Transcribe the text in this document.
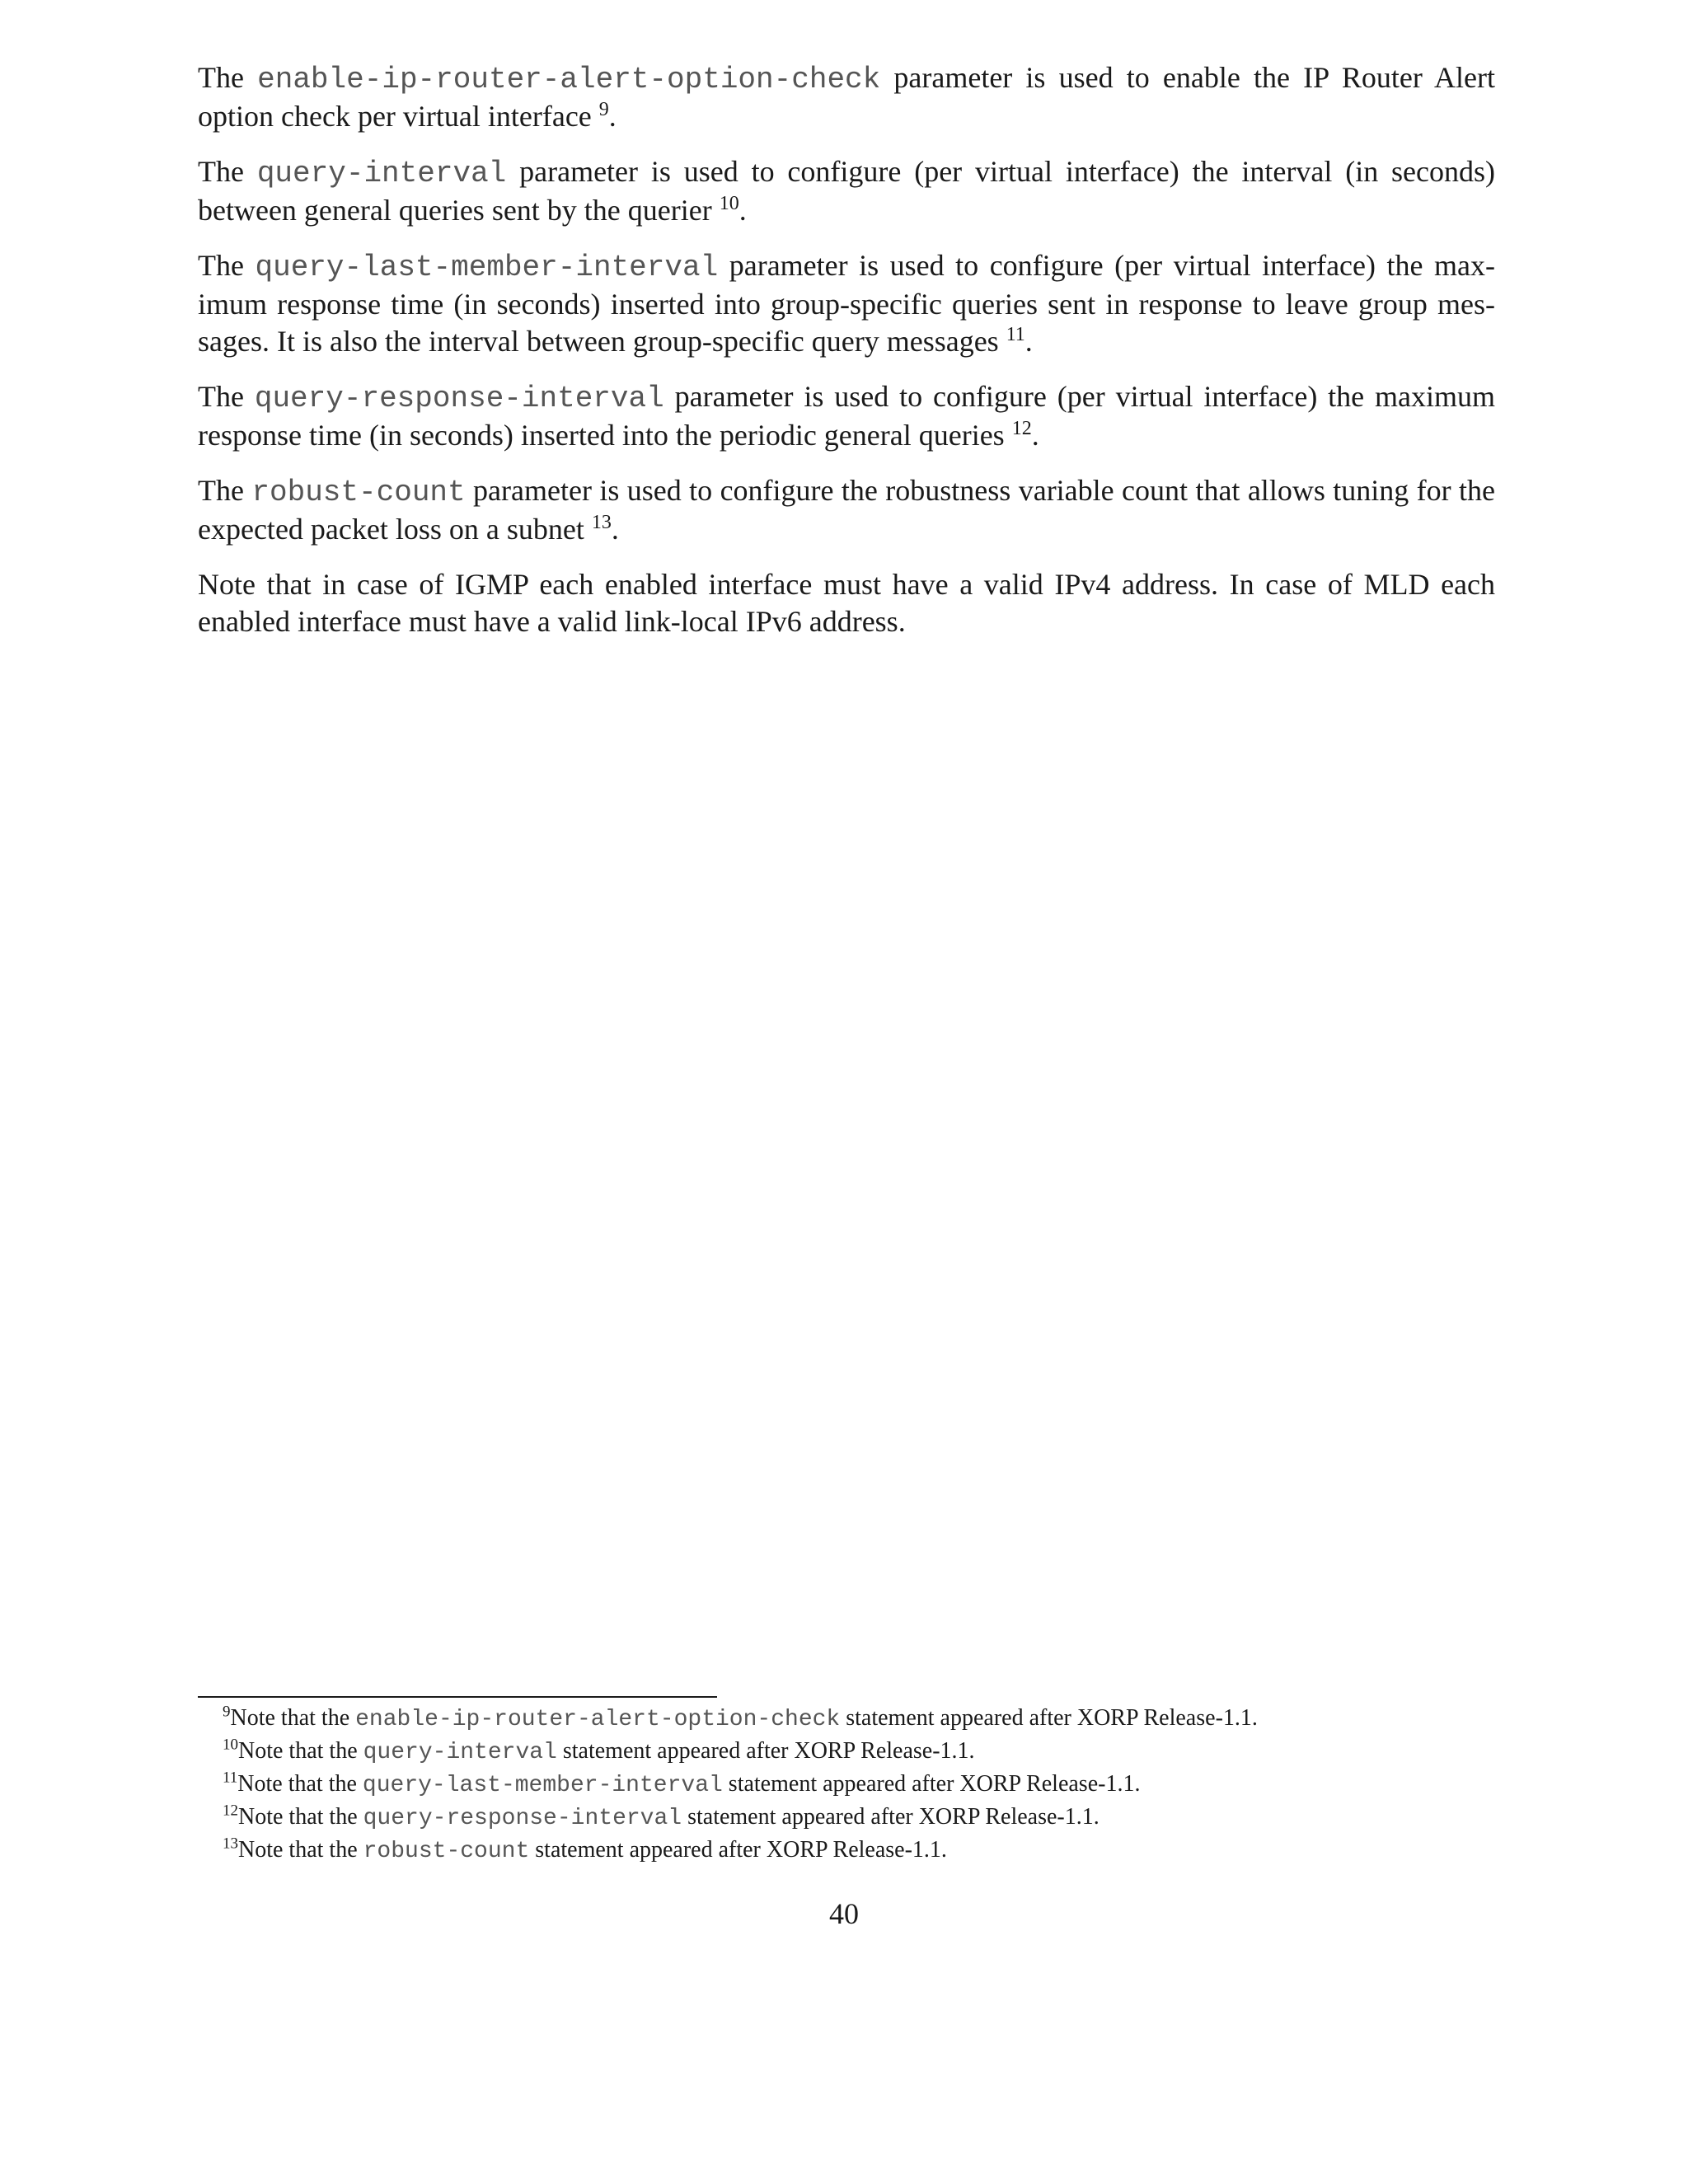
The enable-ip-router-alert-option-check parameter is used to enable the IP Router Alert option check per virtual interface $^9$.

The query-interval parameter is used to configure (per virtual interface) the interval (in seconds) between general queries sent by the querier $^{10}$.

The query-last-member-interval parameter is used to configure (per virtual interface) the maximum response time (in seconds) inserted into group-specific queries sent in response to leave group messages. It is also the interval between group-specific query messages $^{11}$.

The query-response-interval parameter is used to configure (per virtual interface) the maximum response time (in seconds) inserted into the periodic general queries $^{12}$.

The robust-count parameter is used to configure the robustness variable count that allows tuning for the expected packet loss on a subnet $^{13}$.

Note that in case of IGMP each enabled interface must have a valid IPv4 address. In case of MLD each enabled interface must have a valid link-local IPv6 address.

$^9$Note that the enable-ip-router-alert-option-check statement appeared after XORP Release-1.1.

$^{10}$Note that the query-interval statement appeared after XORP Release-1.1.

$^{11}$Note that the query-last-member-interval statement appeared after XORP Release-1.1.

$^{12}$Note that the query-response-interval statement appeared after XORP Release-1.1.

$^{13}$Note that the robust-count statement appeared after XORP Release-1.1.

40
